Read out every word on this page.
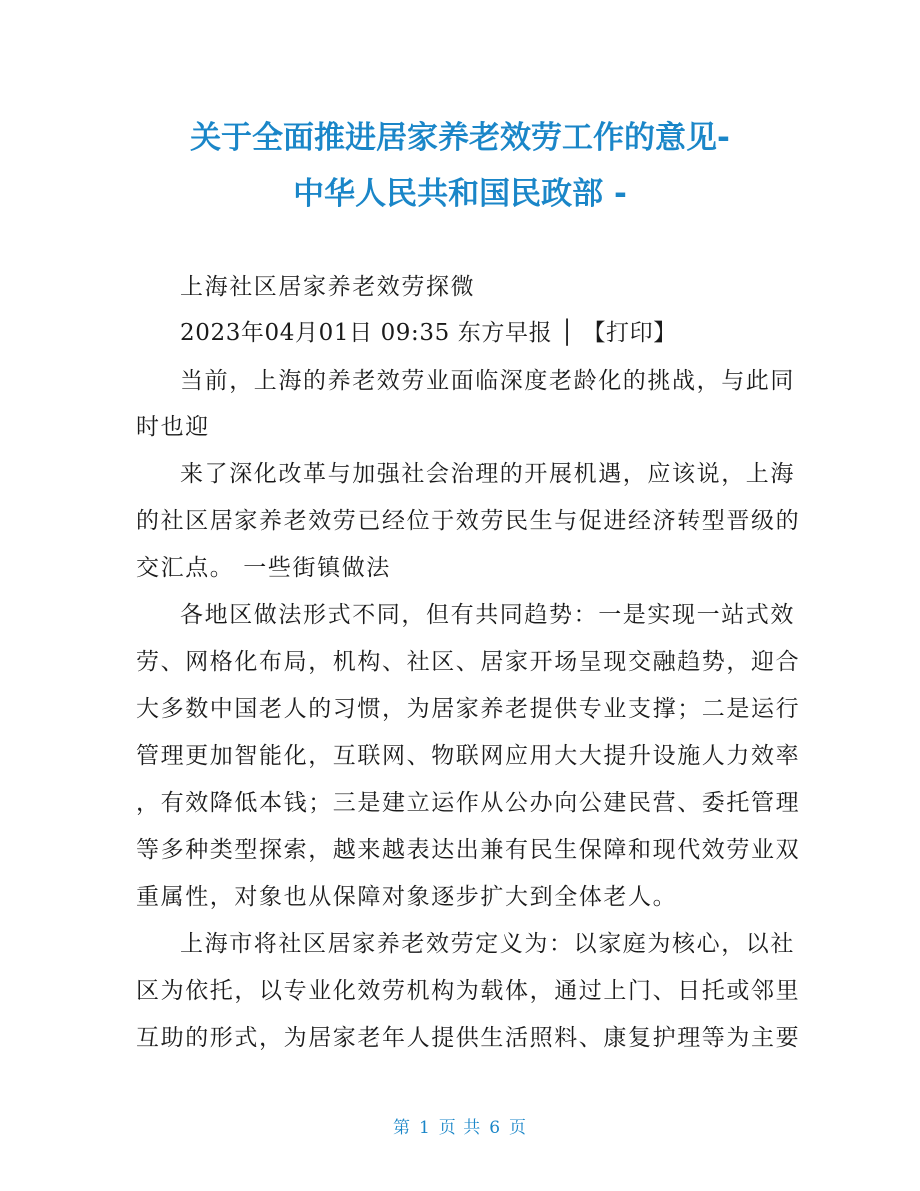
关于全面推进居家养老效劳工作的意见-
中华人民共和国民政部 -
上海社区居家养老效劳探微
2023年04月01日 09:35 东方早报 │ 【打印】
当前，上海的养老效劳业面临深度老龄化的挑战，与此同
时也迎
来了深化改革与加强社会治理的开展机遇，应该说，上海
的社区居家养老效劳已经位于效劳民生与促进经济转型晋级的
交汇点。 一些街镇做法
各地区做法形式不同，但有共同趋势：一是实现一站式效
劳、网格化布局，机构、社区、居家开场呈现交融趋势，迎合
大多数中国老人的习惯，为居家养老提供专业支撑；二是运行
管理更加智能化，互联网、物联网应用大大提升设施人力效率
，有效降低本钱；三是建立运作从公办向公建民营、委托管理
等多种类型探索，越来越表达出兼有民生保障和现代效劳业双
重属性，对象也从保障对象逐步扩大到全体老人。
上海市将社区居家养老效劳定义为：以家庭为核心，以社
区为依托，以专业化效劳机构为载体，通过上门、日托或邻里
互助的形式，为居家老年人提供生活照料、康复护理等为主要
第 1 页 共 6 页
